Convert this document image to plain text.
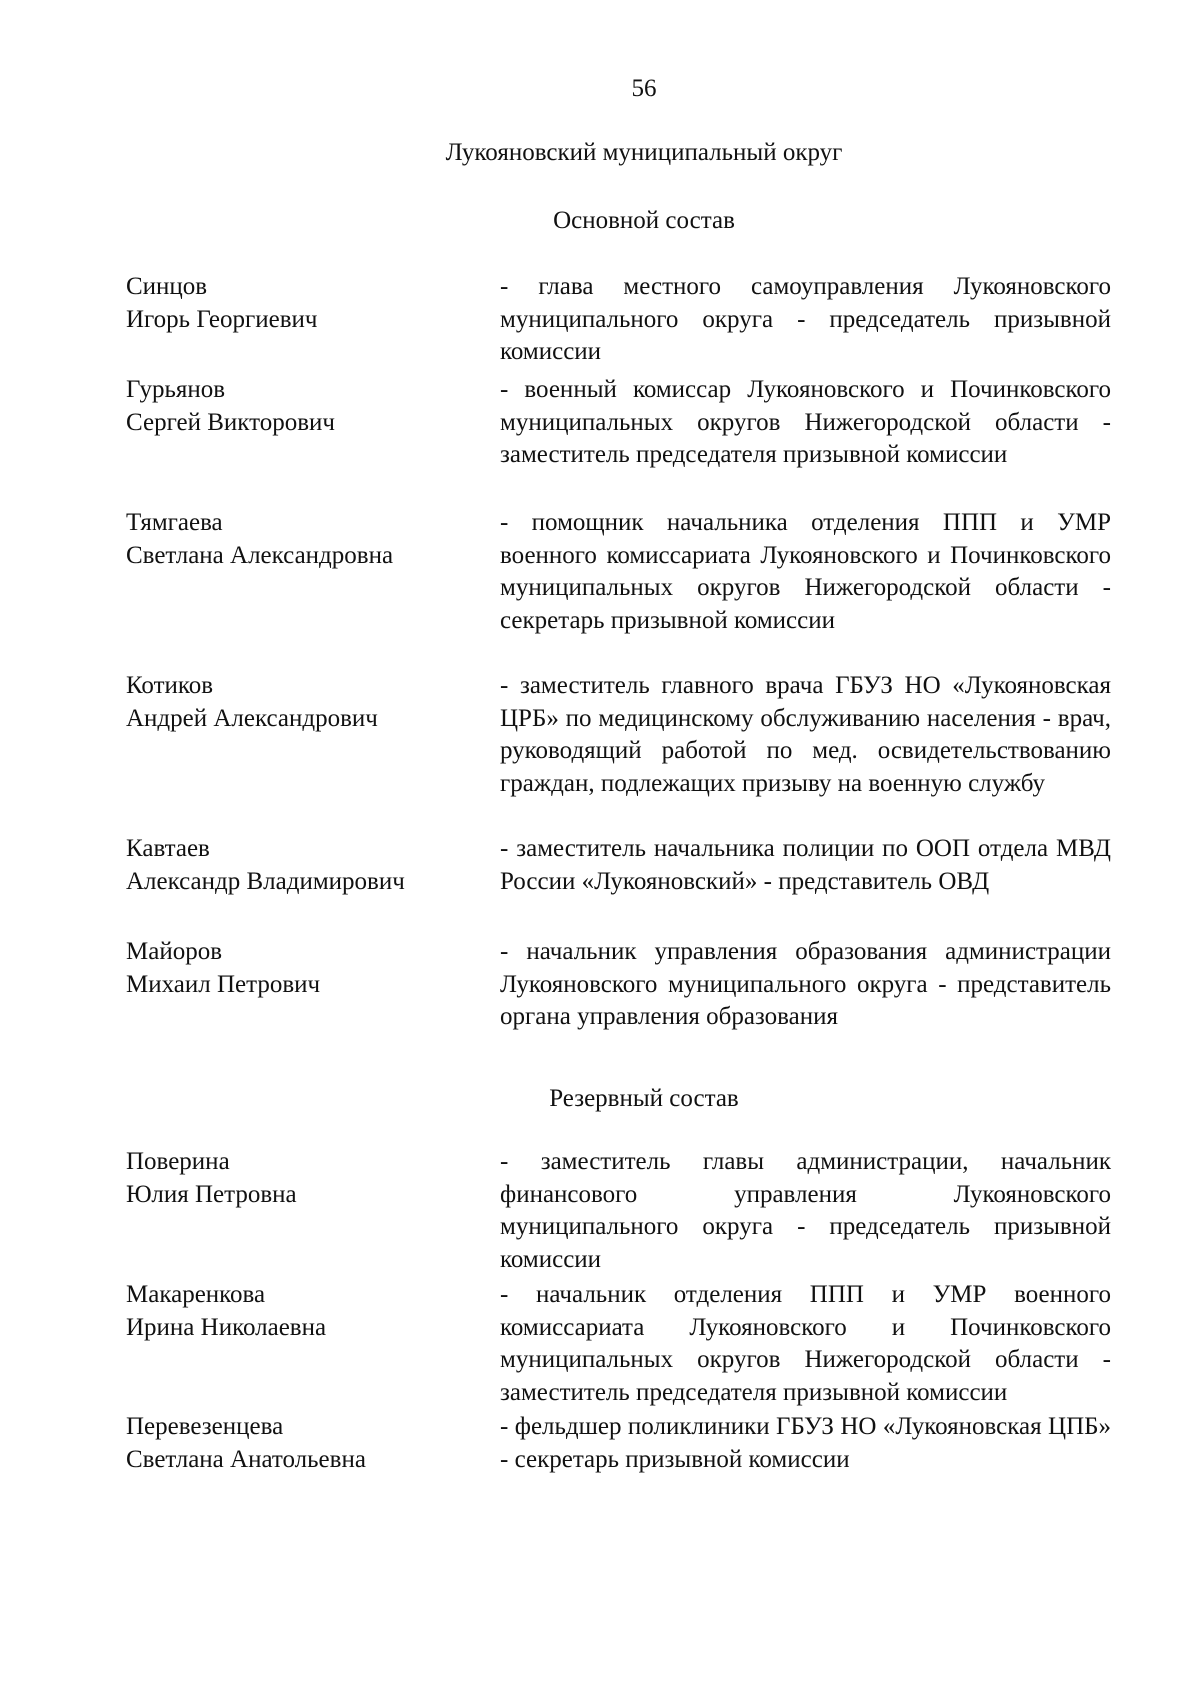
56
Лукояновский муниципальный округ
Основной состав
Синцов
Игорь Георгиевич
- глава местного самоуправления Лукояновского муниципального округа - председатель призывной комиссии
Гурьянов
Сергей Викторович
- военный комиссар Лукояновского и Починковского муниципальных округов Нижегородской области - заместитель председателя призывной комиссии
Тямгаева
Светлана Александровна
- помощник начальника отделения ППП и УМР военного комиссариата Лукояновского и Починковского муниципальных округов Нижегородской области - секретарь призывной комиссии
Котиков
Андрей Александрович
- заместитель главного врача ГБУЗ НО «Лукояновская ЦРБ» по медицинскому обслуживанию населения - врач, руководящий работой по мед. освидетельствованию граждан, подлежащих призыву на военную службу
Кавтаев
Александр Владимирович
- заместитель начальника полиции по ООП отдела МВД России «Лукояновский» - представитель ОВД
Майоров
Михаил Петрович
- начальник управления образования администрации Лукояновского муниципального округа - представитель органа управления образования
Резервный состав
Поверина
Юлия Петровна
- заместитель главы администрации, начальник финансового управления Лукояновского муниципального округа - председатель призывной комиссии
Макаренкова
Ирина Николаевна
- начальник отделения ППП и УМР военного комиссариата Лукояновского и Починковского муниципальных округов Нижегородской области - заместитель председателя призывной комиссии
Перевезенцева
Светлана Анатольевна
- фельдшер поликлиники ГБУЗ НО «Лукояновская ЦПБ» - секретарь призывной комиссии
